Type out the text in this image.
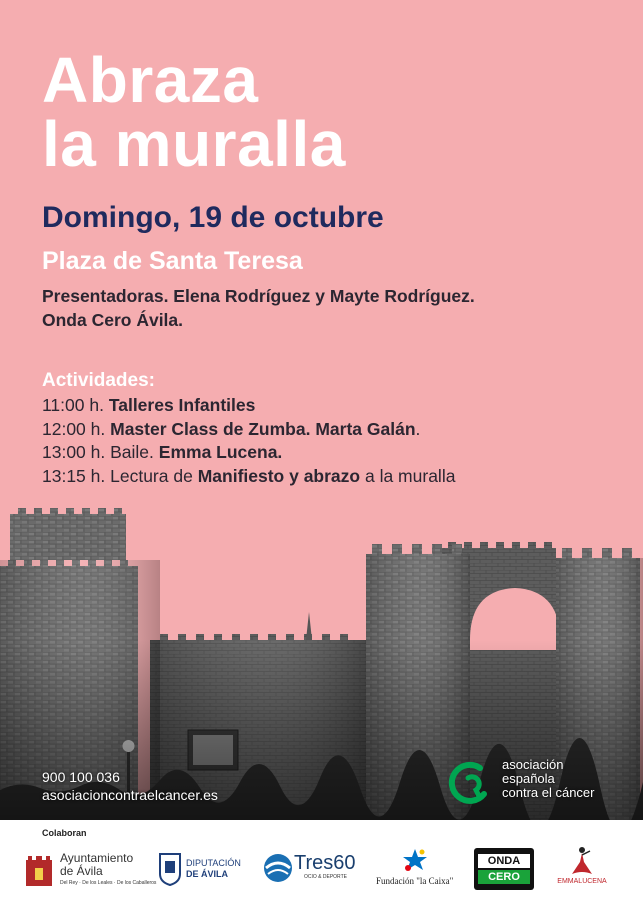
Abraza
la muralla
Domingo, 19 de octubre
Plaza de Santa Teresa
Presentadoras. Elena Rodríguez y Mayte Rodríguez.
Onda Cero Ávila.
Actividades:
11:00 h. Talleres Infantiles
12:00 h. Master Class de Zumba. Marta Galán.
13:00 h. Baile. Emma Lucena.
13:15 h. Lectura de Manifiesto y abrazo a la muralla
900 100 036
asociacioncontraelcancer.es
asociación
española
contra el cáncer
Colaboran
Ayuntamiento
de Ávila
Del Rey · De los Leales · De los Caballeros
DIPUTACIÓN
DE ÁVILA	Tres60
OCIO & DEPORTE	Fundación "la Caixa"
ONDA
CERO	EMMALUCENA
